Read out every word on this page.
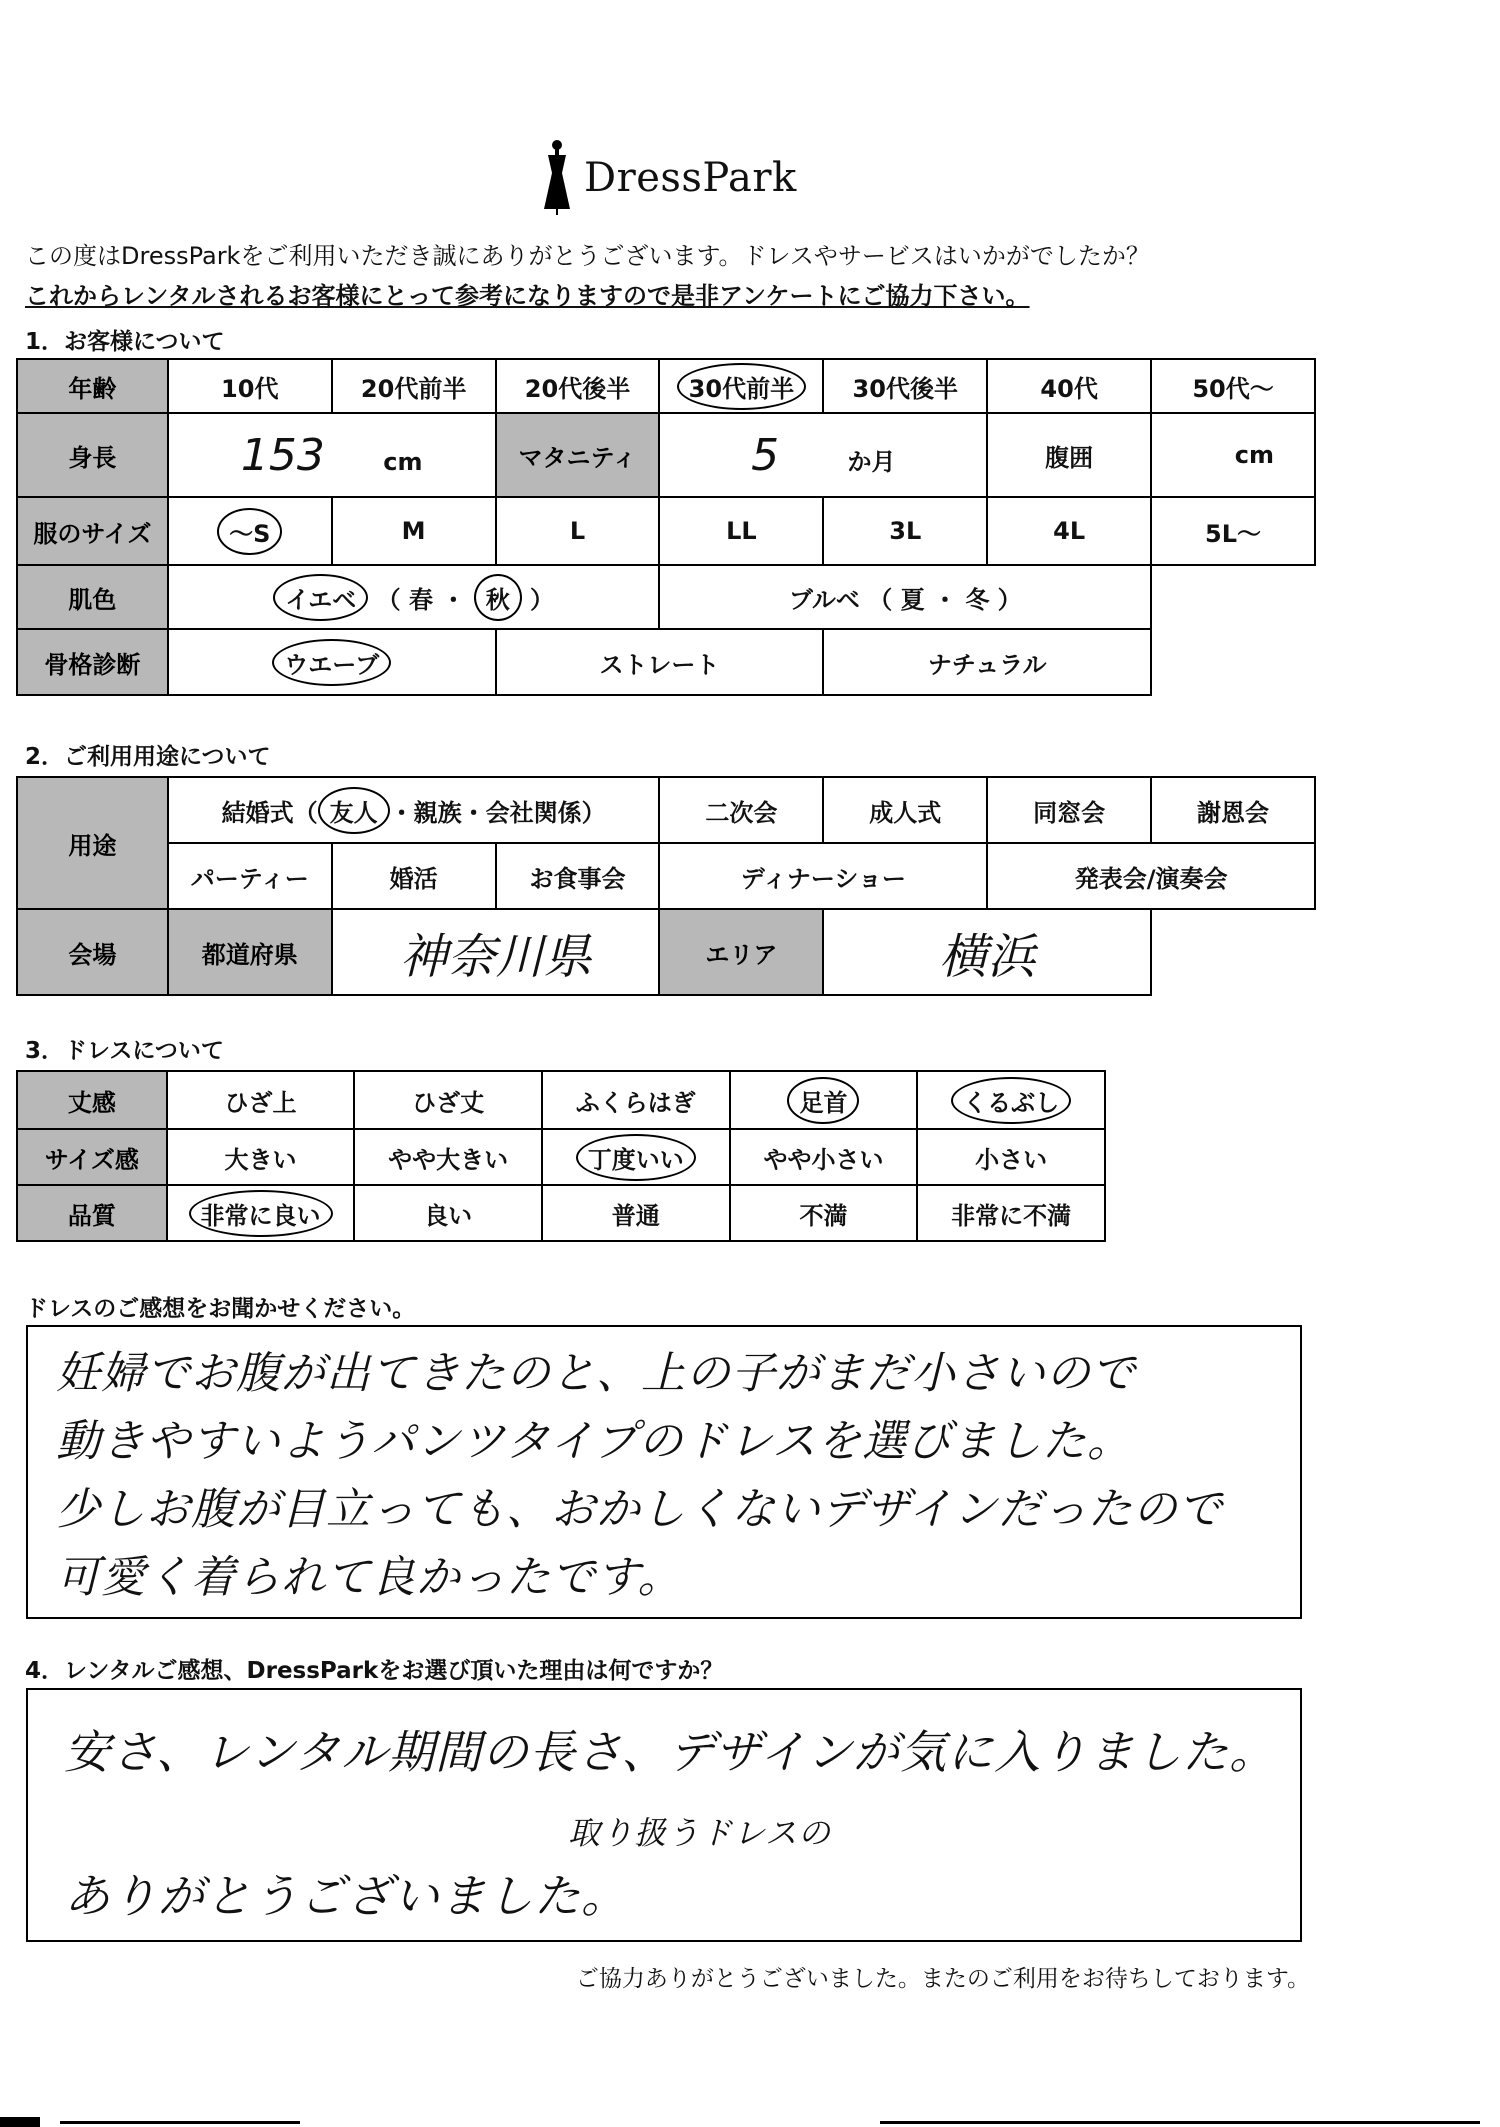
DressPark
この度はDressParkをご利用いただき誠にありがとうございます。ドレスやサービスはいかがでしたか？
これからレンタルされるお客様にとって参考になりますので是非アンケートにご協力下さい。
1．お客様について
年齢	10代	20代前半	20代後半	30代前半	30代後半	40代	50代～
身長	153 cm		マタニティ	5 か月		腹囲	cm
服のサイズ	～S	M	L	LL	3L	4L	5L～
肌色	イエベ （ 春 ・ 秋 ）			ブルベ （ 夏 ・ 冬 ）			
骨格診断	ウエーブ		ストレート		ナチュラル		
2．ご利用用途について
用途	結婚式（ 友人 ・親族・会社関係）			二次会	成人式	同窓会	謝恩会
	パーティー	婚活	お食事会	ディナーショー		発表会/演奏会	
会場	都道府県	神奈川県		エリア	横浜		
3．ドレスについて
丈感	ひざ上	ひざ丈	ふくらはぎ	足首	くるぶし
サイズ感	大きい	やや大きい	丁度いい	やや小さい	小さい
品質	非常に良い	良い	普通	不満	非常に不満
ドレスのご感想をお聞かせください。
妊婦でお腹が出てきたのと、上の子がまだ小さいので
動きやすいようパンツタイプのドレスを選びました。
少しお腹が目立っても、おかしくないデザインだったので
可愛く着られて良かったです。
4．レンタルご感想、DressParkをお選び頂いた理由は何ですか？
安さ、レンタル期間の長さ、デザインが気に入りました。
取り扱うドレスの
ありがとうございました。
ご協力ありがとうございました。またのご利用をお待ちしております。
